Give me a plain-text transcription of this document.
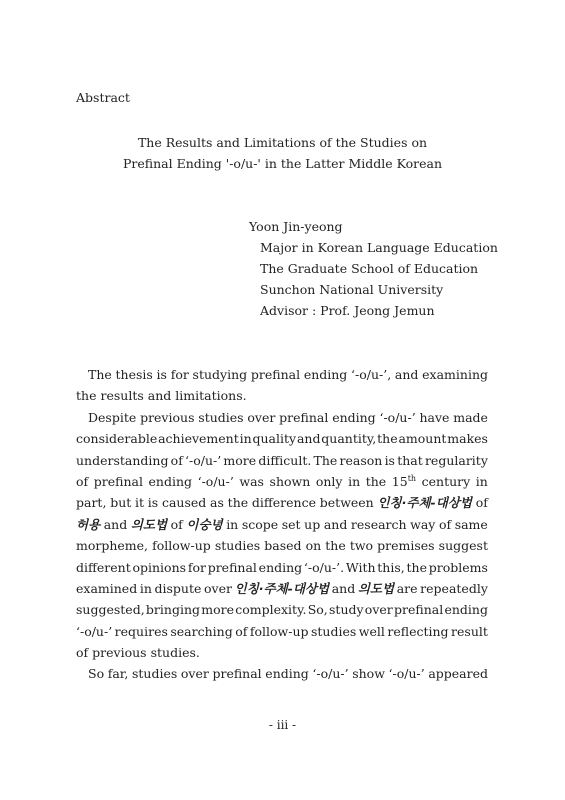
Abstract
The Results and Limitations of the Studies on
Prefinal Ending '-o/u-' in the Latter Middle Korean
Yoon Jin-yeong
Major in Korean Language Education
The Graduate School of Education
Sunchon National University
Advisor : Prof. Jeong Jemun
The thesis is for studying prefinal ending ‘-o/u-’, and examining
the results and limitations.
Despite previous studies over prefinal ending ‘-o/u-’ have made
considerable achievement in quality and quantity, the amount makes
understanding of ‘-o/u-’ more difficult. The reason is that regularity
of prefinal ending ‘-o/u-’ was shown only in the 15th century in
part, but it is caused as the difference between 인칭·주체-대상법 of
허용 and 의도법 of 이숭녕 in scope set up and research way of same
morpheme, follow-up studies based on the two premises suggest
different opinions for prefinal ending ‘-o/u-’. With this, the problems
examined in dispute over 인칭·주체-대상법 and 의도법 are repeatedly
suggested, bringing more complexity. So, study over prefinal ending
‘-o/u-’ requires searching of follow-up studies well reflecting result
of previous studies.
So far, studies over prefinal ending ‘-o/u-’ show ‘-o/u-’ appeared
- iii -
